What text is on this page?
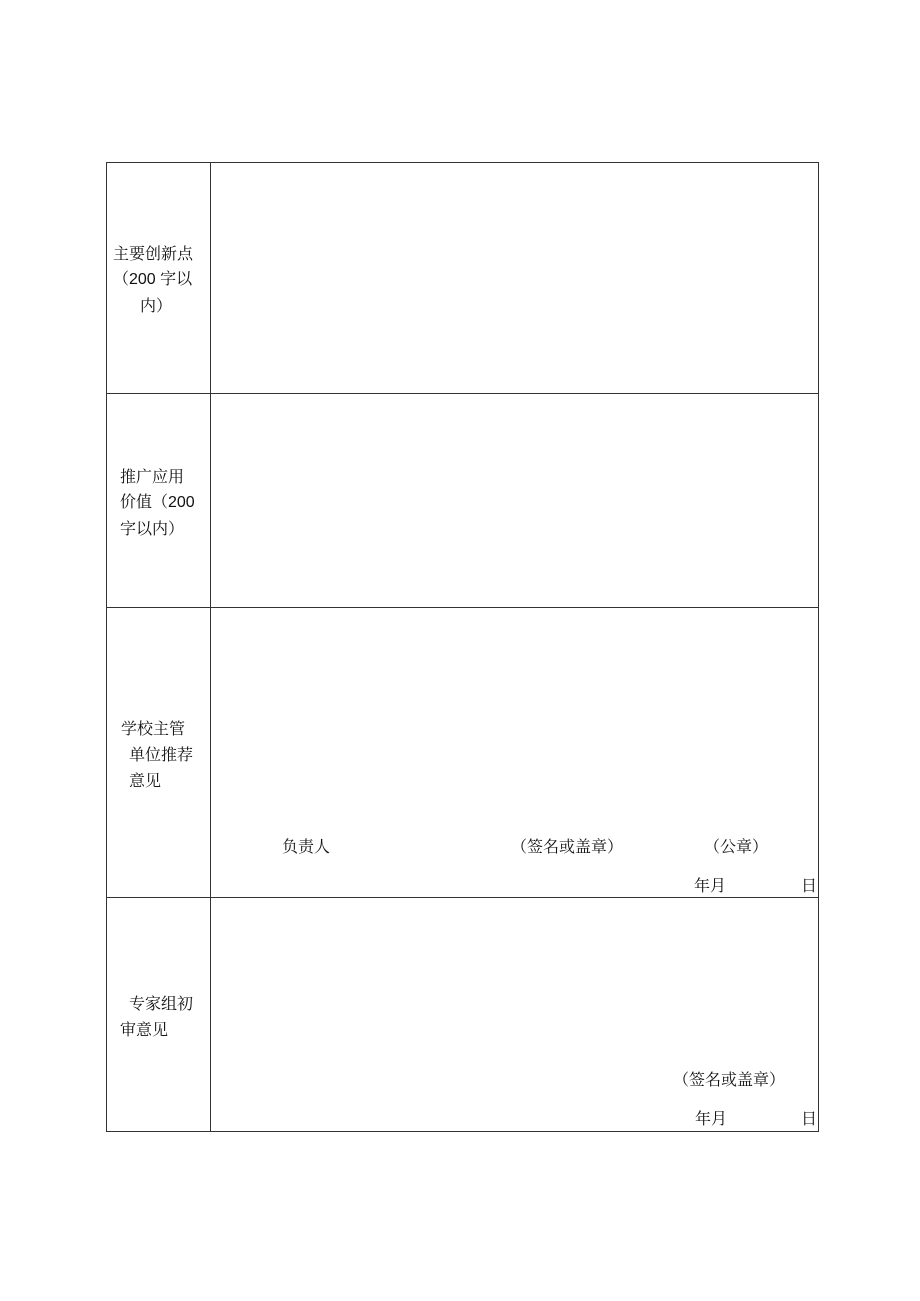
主要创新点
（200 字以
内）
推广应用
价值（200
字以内）
学校主管
单位推荐
意见
负责人	（签名或盖章）	（公章）
年月	日
专家组初
审意见
（签名或盖章）
年月	日
